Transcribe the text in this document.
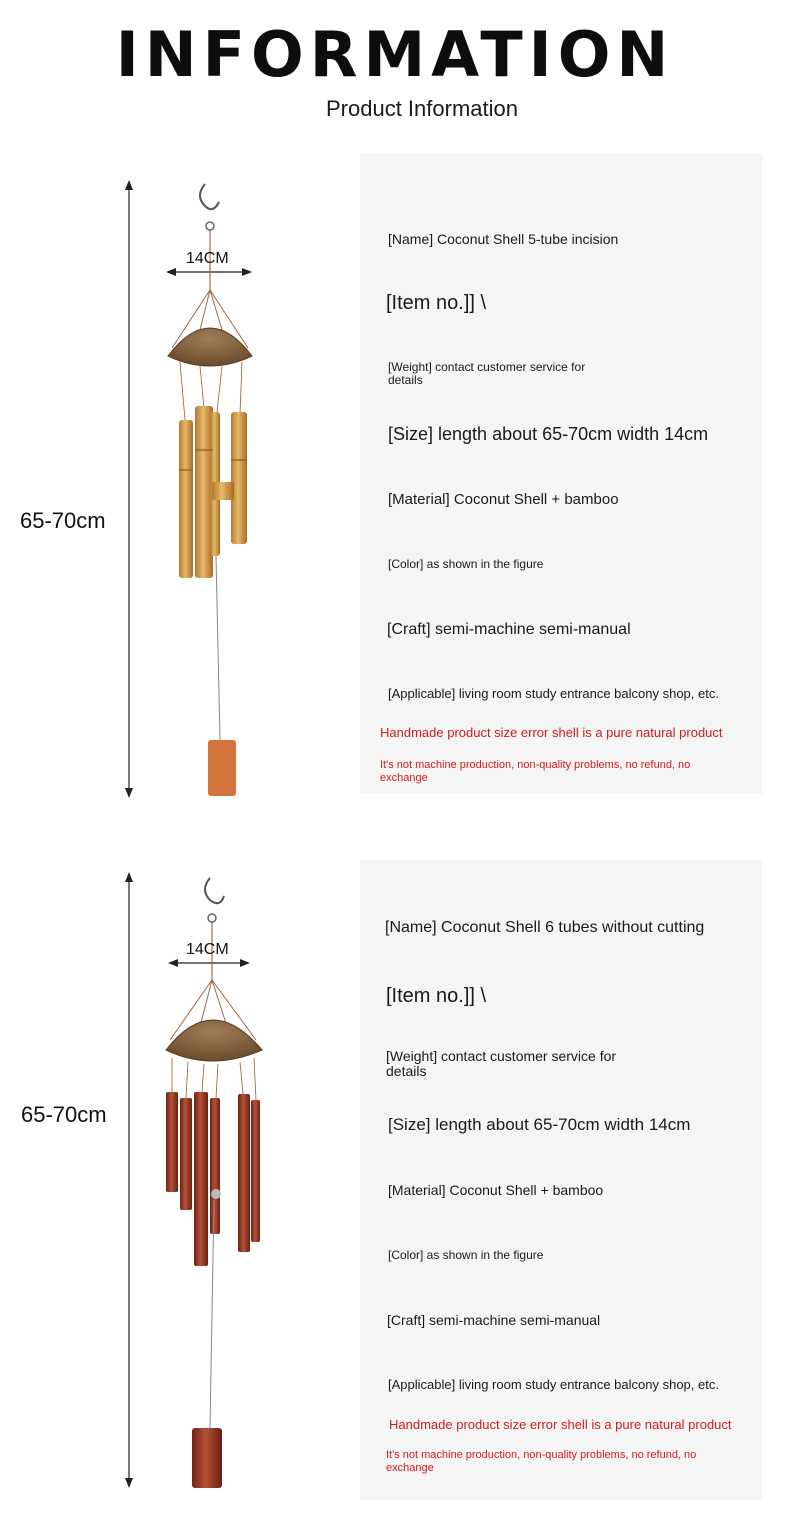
INFORMATION
Product Information
65-70cm
14CM
[Name] Coconut Shell 5-tube incision
[Item no.]] \
[Weight] contact customer service for
details
[Size] length about 65-70cm width 14cm
[Material] Coconut Shell + bamboo
[Color] as shown in the figure
[Craft] semi-machine semi-manual
[Applicable] living room study entrance balcony shop, etc.
Handmade product size error shell is a pure natural product
It's not machine production, non-quality problems, no refund, no
exchange
65-70cm
14CM
[Name] Coconut Shell 6 tubes without cutting
[Item no.]] \
[Weight] contact customer service for
details
[Size] length about 65-70cm width 14cm
[Material] Coconut Shell + bamboo
[Color] as shown in the figure
[Craft] semi-machine semi-manual
[Applicable] living room study entrance balcony shop, etc.
Handmade product size error shell is a pure natural product
It's not machine production, non-quality problems, no refund, no
exchange
